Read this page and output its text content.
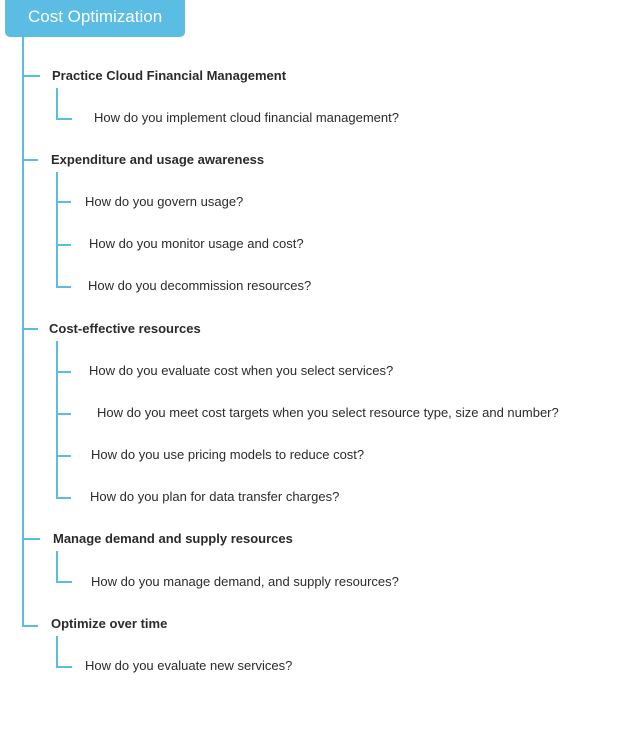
Cost Optimization
Practice Cloud Financial Management
How do you implement cloud financial management?
Expenditure and usage awareness
How do you govern usage?
How do you monitor usage and cost?
How do you decommission resources?
Cost-effective resources
How do you evaluate cost when you select services?
How do you meet cost targets when you select resource type, size and number?
How do you use pricing models to reduce cost?
How do you plan for data transfer charges?
Manage demand and supply resources
How do you manage demand, and supply resources?
Optimize over time
How do you evaluate new services?
